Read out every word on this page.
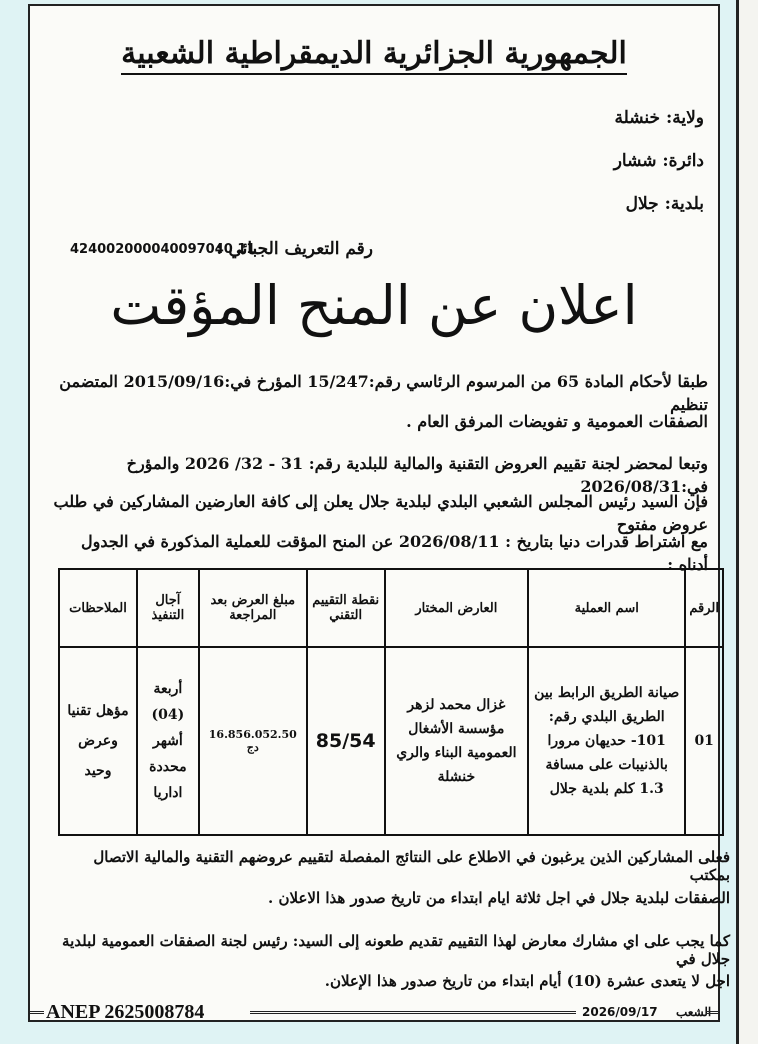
الجمهورية الجزائرية الديمقراطية الشعبية
ولاية: خنشلة
دائرة: ششار
بلدية: جلال
رقم التعريف الجبائي :
424002000040097040 11
اعلان عن المنح المؤقت
طبقا لأحكام المادة 65 من المرسوم الرئاسي رقم:15/247 المؤرخ في:2015/09/16 المتضمن تنظيم
الصفقات العمومية و تفويضات المرفق العام .
وتبعا لمحضر لجنة تقييم العروض التقنية والمالية للبلدية رقم: 31 - 32/ 2026 والمؤرخ في:2026/08/31
فإن السيد رئيس المجلس الشعبي البلدي لبلدية جلال يعلن إلى كافة العارضين المشاركين في طلب عروض مفتوح
مع اشتراط قدرات دنيا بتاريخ : 2026/08/11 عن المنح المؤقت للعملية المذكورة في الجدول أدناه :
الرقم	اسم العملية	العارض المختار	نقطة التقييم التقني	مبلغ العرض بعد المراجعة	آجال التنفيذ	الملاحظات
01	صيانة الطريق الرابط بين الطريق البلدي رقم: 101- حديهان مرورا بالذنيبات على مسافة 1.3 كلم بلدية جلال	غزال محمد لزهر مؤسسة الأشغال العمومية البناء والري خنشلة	85/54	16.856.052.50 دج	أربعة (04) أشهر محددة اداريا	مؤهل تقنيا وعرض وحيد
فعلى المشاركين الذين يرغبون في الاطلاع على النتائج المفصلة لتقييم عروضهم التقنية والمالية الاتصال بمكتب
الصفقات لبلدية جلال في اجل ثلاثة ايام ابتداء من تاريخ صدور هذا الاعلان .
كما يجب على اي مشارك معارض لهذا التقييم تقديم طعونه إلى السيد: رئيس لجنة الصفقات العمومية لبلدية جلال في
اجل لا يتعدى عشرة (10) أيام ابتداء من تاريخ صدور هذا الإعلان.
ANEP 2625008784	2026/09/17 الشعب
